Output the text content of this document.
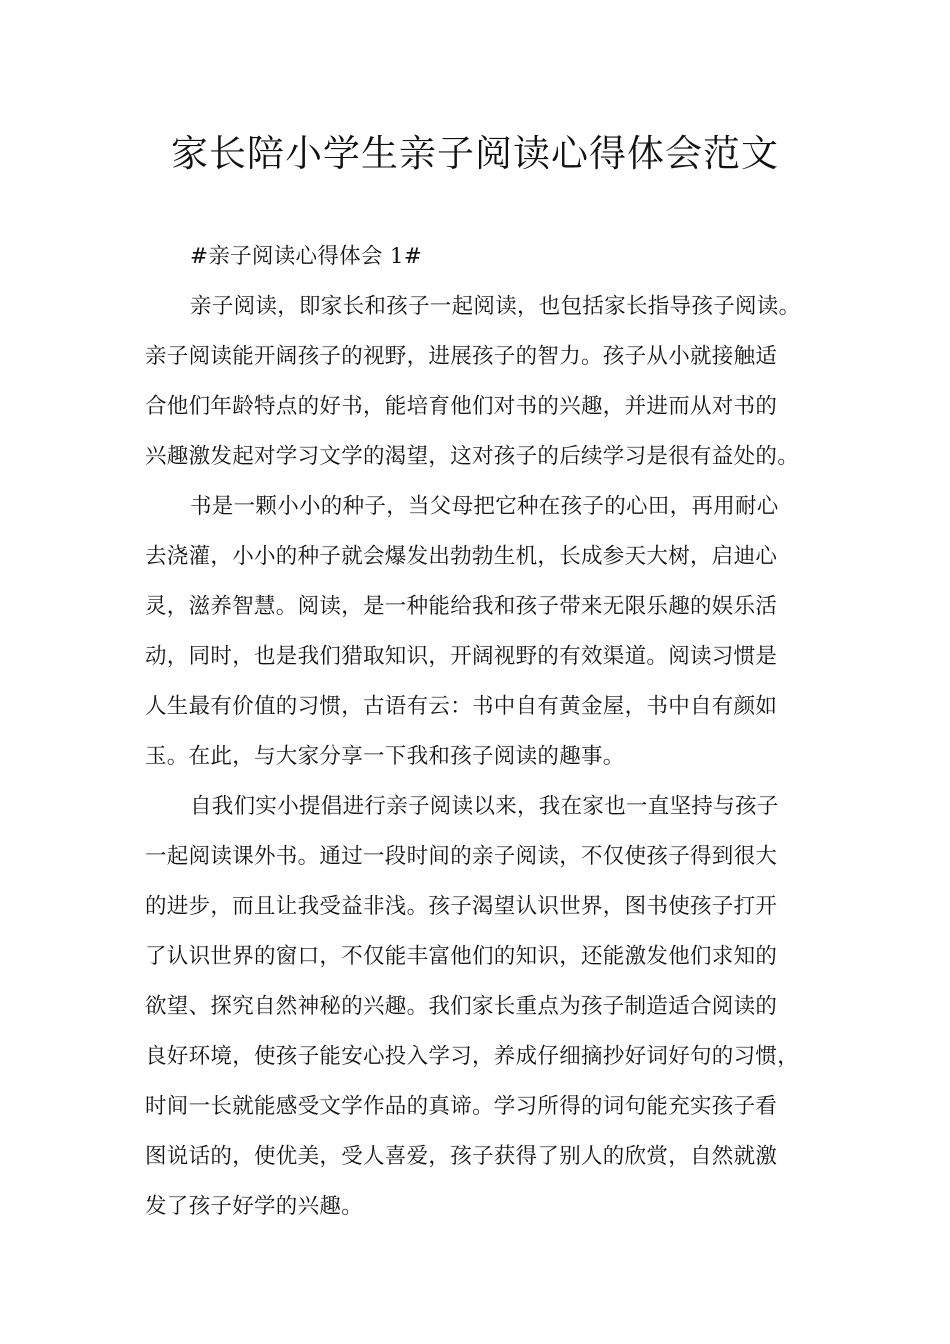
家长陪小学生亲子阅读心得体会范文
#亲子阅读心得体会 1#
亲子阅读，即家长和孩子一起阅读，也包括家长指导孩子阅读。
亲子阅读能开阔孩子的视野，进展孩子的智力。孩子从小就接触适
合他们年龄特点的好书，能培育他们对书的兴趣，并进而从对书的
兴趣激发起对学习文学的渴望，这对孩子的后续学习是很有益处的。
书是一颗小小的种子，当父母把它种在孩子的心田，再用耐心
去浇灌，小小的种子就会爆发出勃勃生机，长成参天大树，启迪心
灵，滋养智慧。阅读，是一种能给我和孩子带来无限乐趣的娱乐活
动，同时，也是我们猎取知识，开阔视野的有效渠道。阅读习惯是
人生最有价值的习惯，古语有云：书中自有黄金屋，书中自有颜如
玉。在此，与大家分享一下我和孩子阅读的趣事。
自我们实小提倡进行亲子阅读以来，我在家也一直坚持与孩子
一起阅读课外书。通过一段时间的亲子阅读，不仅使孩子得到很大
的进步，而且让我受益非浅。孩子渴望认识世界，图书使孩子打开
了认识世界的窗口，不仅能丰富他们的知识，还能激发他们求知的
欲望、探究自然神秘的兴趣。我们家长重点为孩子制造适合阅读的
良好环境，使孩子能安心投入学习，养成仔细摘抄好词好句的习惯，
时间一长就能感受文学作品的真谛。学习所得的词句能充实孩子看
图说话的，使优美，受人喜爱，孩子获得了别人的欣赏，自然就激
发了孩子好学的兴趣。
